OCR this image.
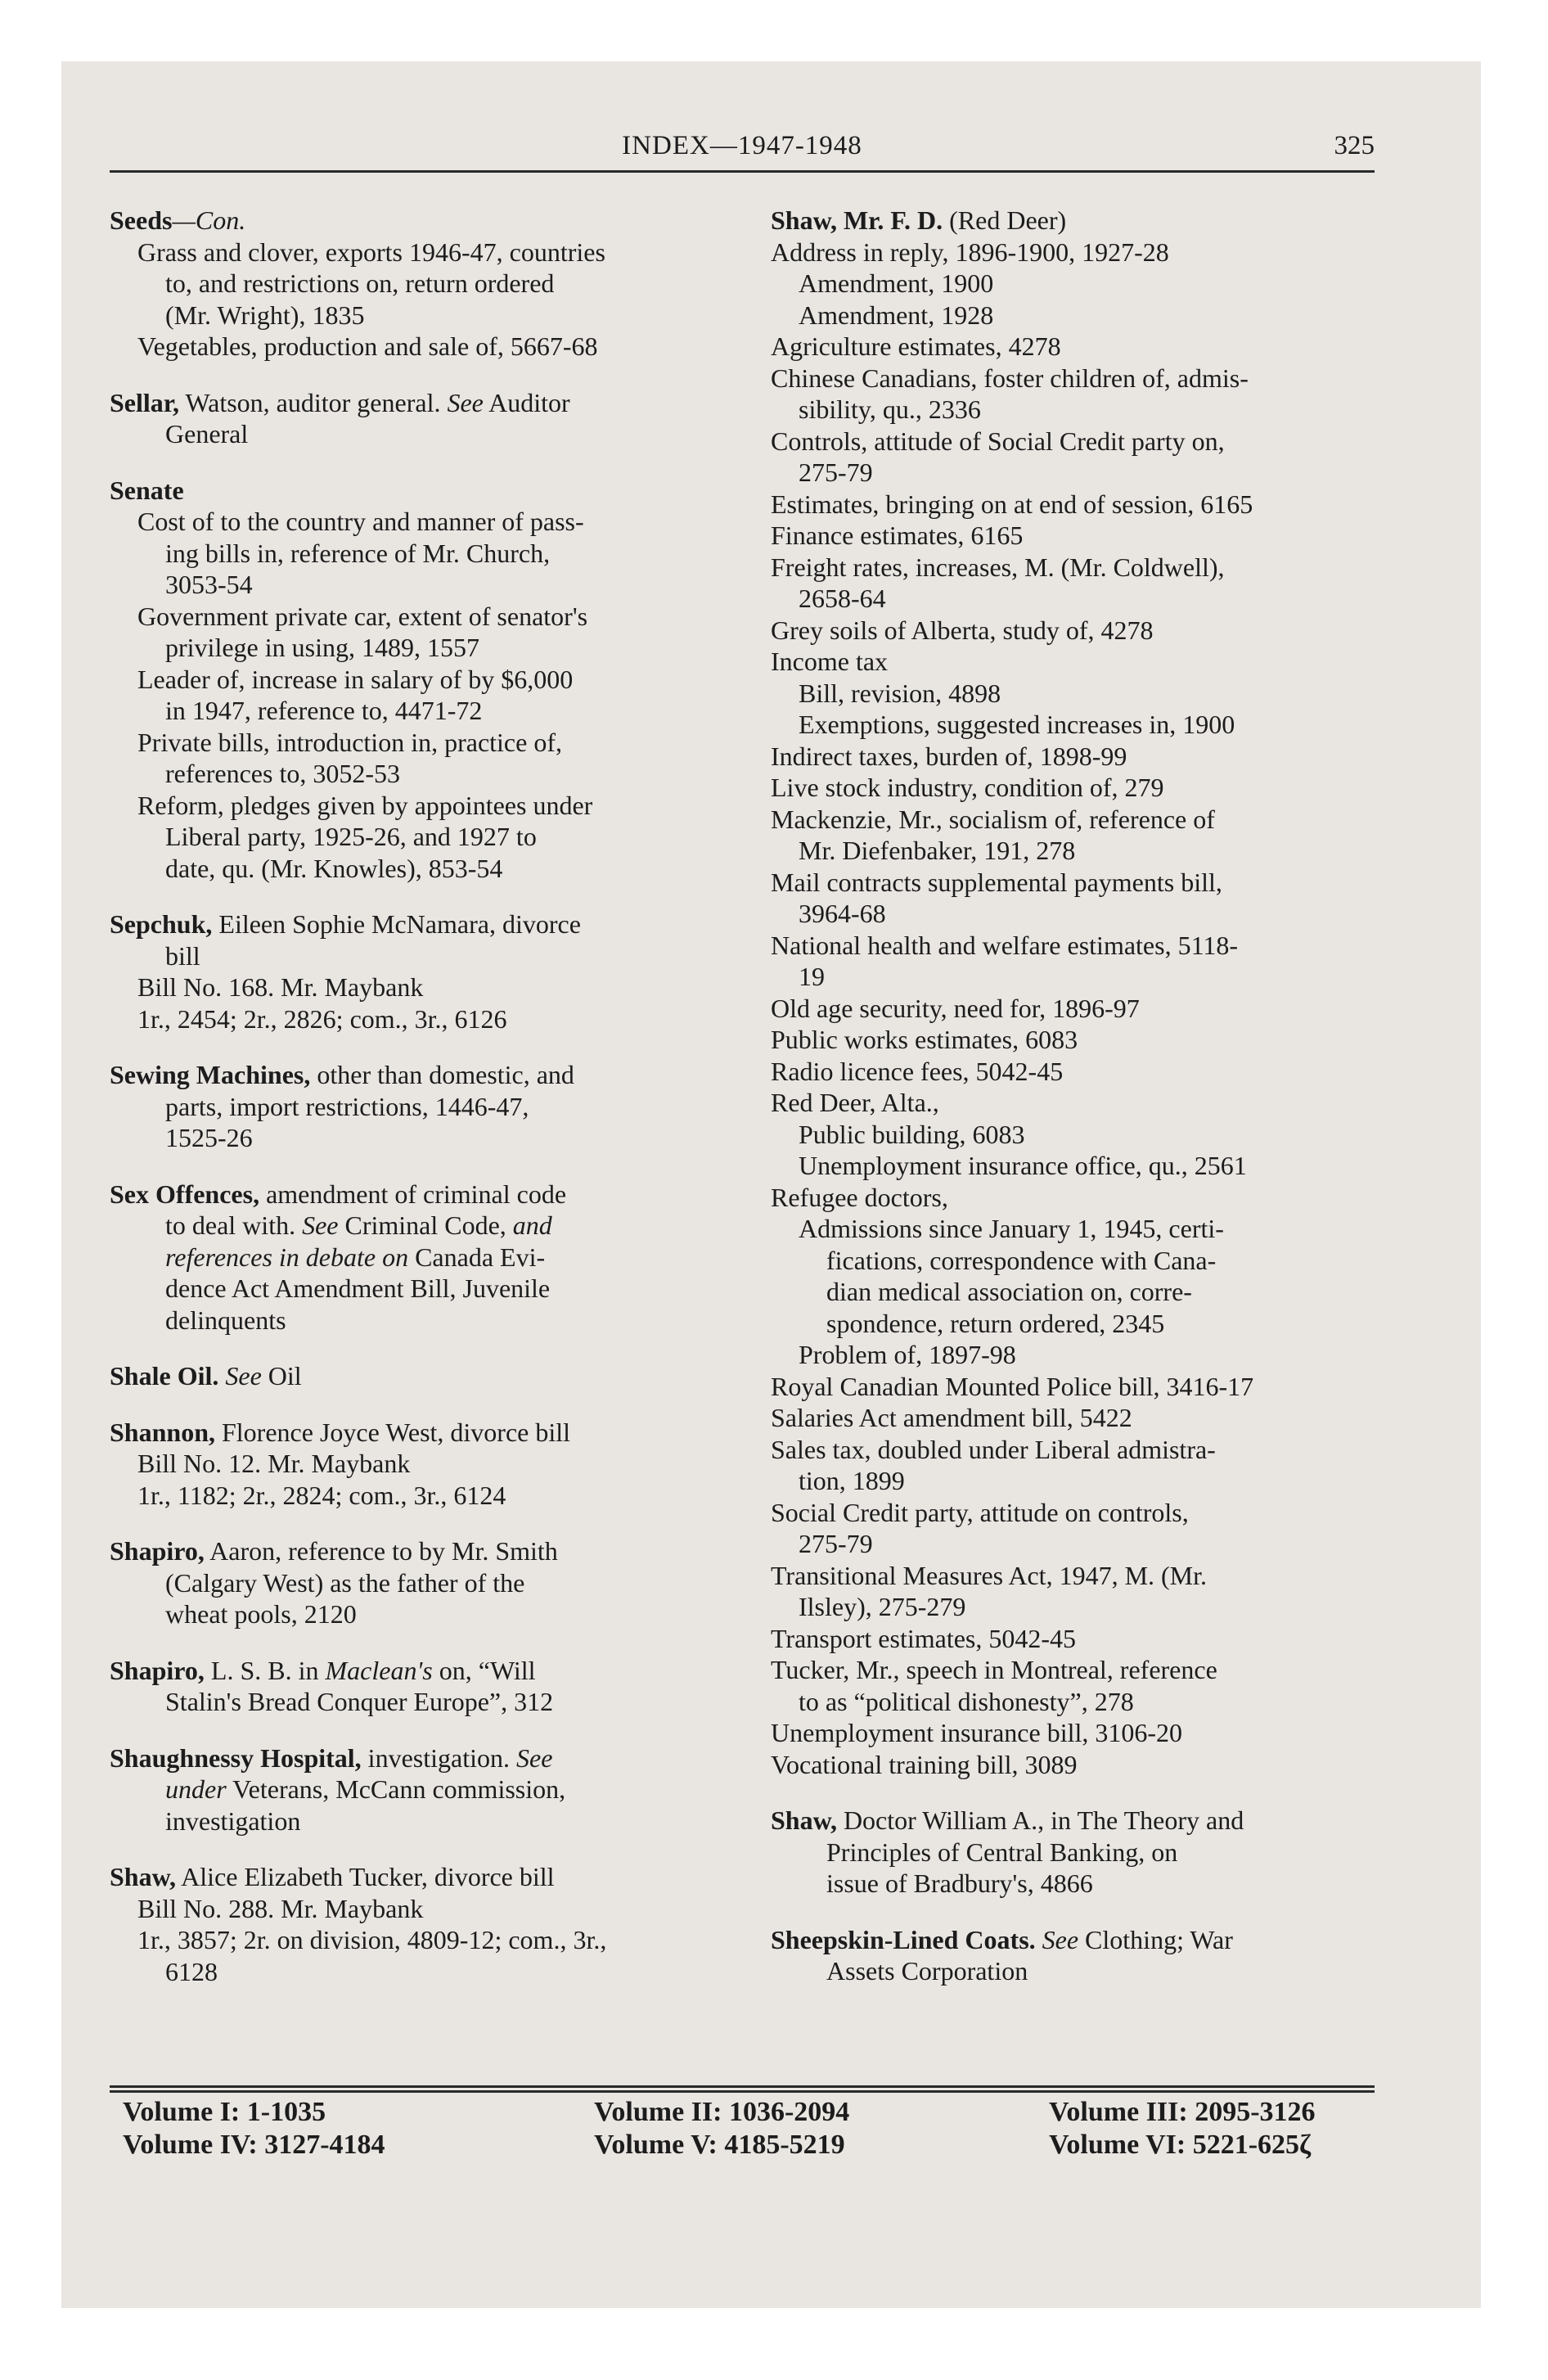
INDEX—1947-1948	325
Seeds—Con.
Grass and clover, exports 1946-47, countries
to, and restrictions on, return ordered
(Mr. Wright), 1835
Vegetables, production and sale of, 5667-68
Sellar, Watson, auditor general. See Auditor
General
Senate
Cost of to the country and manner of pass-
ing bills in, reference of Mr. Church,
3053-54
Government private car, extent of senator's
privilege in using, 1489, 1557
Leader of, increase in salary of by $6,000
in 1947, reference to, 4471-72
Private bills, introduction in, practice of,
references to, 3052-53
Reform, pledges given by appointees under
Liberal party, 1925-26, and 1927 to
date, qu. (Mr. Knowles), 853-54
Sepchuk, Eileen Sophie McNamara, divorce
bill
Bill No. 168. Mr. Maybank
1r., 2454; 2r., 2826; com., 3r., 6126
Sewing Machines, other than domestic, and
parts, import restrictions, 1446-47,
1525-26
Sex Offences, amendment of criminal code
to deal with. See Criminal Code, and
references in debate on Canada Evi-
dence Act Amendment Bill, Juvenile
delinquents
Shale Oil. See Oil
Shannon, Florence Joyce West, divorce bill
Bill No. 12. Mr. Maybank
1r., 1182; 2r., 2824; com., 3r., 6124
Shapiro, Aaron, reference to by Mr. Smith
(Calgary West) as the father of the
wheat pools, 2120
Shapiro, L. S. B. in Maclean's on, “Will
Stalin's Bread Conquer Europe”, 312
Shaughnessy Hospital, investigation. See
under Veterans, McCann commission,
investigation
Shaw, Alice Elizabeth Tucker, divorce bill
Bill No. 288. Mr. Maybank
1r., 3857; 2r. on division, 4809-12; com., 3r.,
6128
Shaw, Mr. F. D. (Red Deer)
Address in reply, 1896-1900, 1927-28
Amendment, 1900
Amendment, 1928
Agriculture estimates, 4278
Chinese Canadians, foster children of, admis-
sibility, qu., 2336
Controls, attitude of Social Credit party on,
275-79
Estimates, bringing on at end of session, 6165
Finance estimates, 6165
Freight rates, increases, M. (Mr. Coldwell),
2658-64
Grey soils of Alberta, study of, 4278
Income tax
Bill, revision, 4898
Exemptions, suggested increases in, 1900
Indirect taxes, burden of, 1898-99
Live stock industry, condition of, 279
Mackenzie, Mr., socialism of, reference of
Mr. Diefenbaker, 191, 278
Mail contracts supplemental payments bill,
3964-68
National health and welfare estimates, 5118-
19
Old age security, need for, 1896-97
Public works estimates, 6083
Radio licence fees, 5042-45
Red Deer, Alta.,
Public building, 6083
Unemployment insurance office, qu., 2561
Refugee doctors,
Admissions since January 1, 1945, certi-
fications, correspondence with Cana-
dian medical association on, corre-
spondence, return ordered, 2345
Problem of, 1897-98
Royal Canadian Mounted Police bill, 3416-17
Salaries Act amendment bill, 5422
Sales tax, doubled under Liberal admistra-
tion, 1899
Social Credit party, attitude on controls,
275-79
Transitional Measures Act, 1947, M. (Mr.
Ilsley), 275-279
Transport estimates, 5042-45
Tucker, Mr., speech in Montreal, reference
to as “political dishonesty”, 278
Unemployment insurance bill, 3106-20
Vocational training bill, 3089
Shaw, Doctor William A., in The Theory and
Principles of Central Banking, on
issue of Bradbury's, 4866
Sheepskin-Lined Coats. See Clothing; War
Assets Corporation
Volume I: 1-1035	Volume II: 1036-2094	Volume III: 2095-3126
Volume IV: 3127-4184	Volume V: 4185-5219	Volume VI: 5221-625ζ
